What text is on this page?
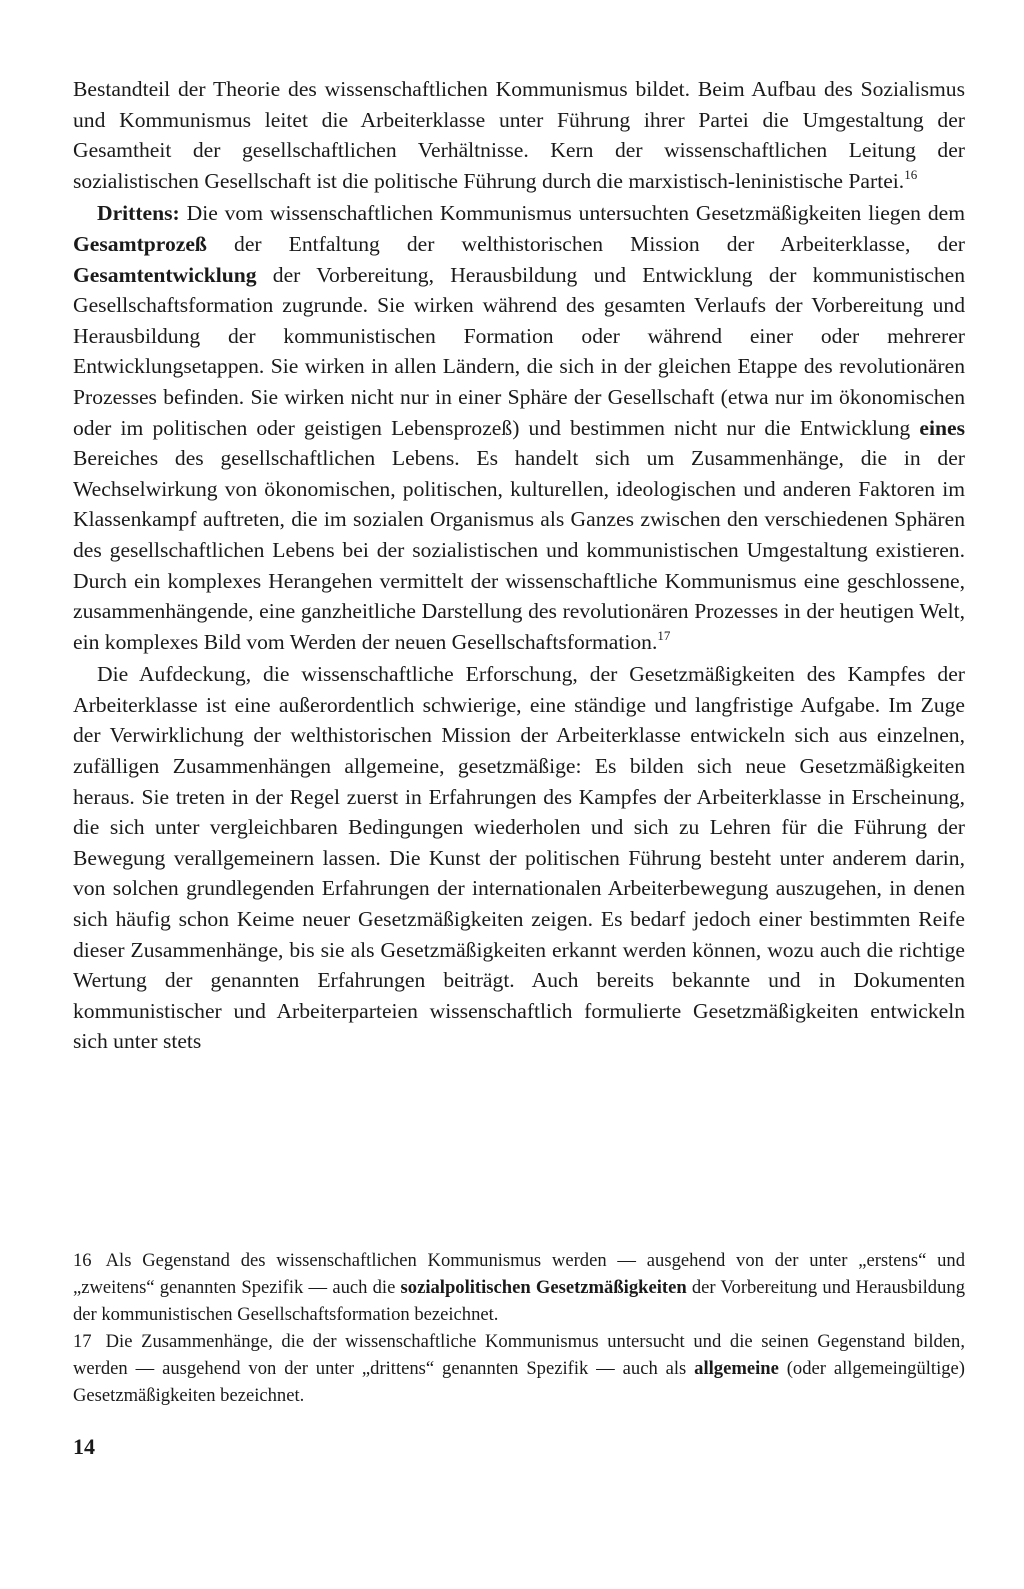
Bestandteil der Theorie des wissenschaftlichen Kommunismus bildet. Beim Aufbau des Sozialismus und Kommunismus leitet die Arbeiterklasse unter Führung ihrer Partei die Umgestaltung der Gesamtheit der gesellschaftlichen Verhältnisse. Kern der wissenschaftlichen Leitung der sozialistischen Gesellschaft ist die politische Führung durch die marxistisch-leninistische Partei.$^{16}$

Drittens: Die vom wissenschaftlichen Kommunismus untersuchten Gesetzmäßigkeiten liegen dem Gesamtprozeß der Entfaltung der welthistorischen Mission der Arbeiterklasse, der Gesamtentwicklung der Vorbereitung, Herausbildung und Entwicklung der kommunistischen Gesellschaftsformation zugrunde. Sie wirken während des gesamten Verlaufs der Vorbereitung und Herausbildung der kommunistischen Formation oder während einer oder mehrerer Entwicklungsetappen. Sie wirken in allen Ländern, die sich in der gleichen Etappe des revolutionären Prozesses befinden. Sie wirken nicht nur in einer Sphäre der Gesellschaft (etwa nur im ökonomischen oder im politischen oder geistigen Lebensprozeß) und bestimmen nicht nur die Entwicklung eines Bereiches des gesellschaftlichen Lebens. Es handelt sich um Zusammenhänge, die in der Wechselwirkung von ökonomischen, politischen, kulturellen, ideologischen und anderen Faktoren im Klassenkampf auftreten, die im sozialen Organismus als Ganzes zwischen den verschiedenen Sphären des gesellschaftlichen Lebens bei der sozialistischen und kommunistischen Umgestaltung existieren. Durch ein komplexes Herangehen vermittelt der wissenschaftliche Kommunismus eine geschlossene, zusammenhängende, eine ganzheitliche Darstellung des revolutionären Prozesses in der heutigen Welt, ein komplexes Bild vom Werden der neuen Gesellschaftsformation.$^{17}$

Die Aufdeckung, die wissenschaftliche Erforschung, der Gesetzmäßigkeiten des Kampfes der Arbeiterklasse ist eine außerordentlich schwierige, eine ständige und langfristige Aufgabe. Im Zuge der Verwirklichung der welthistorischen Mission der Arbeiterklasse entwickeln sich aus einzelnen, zufälligen Zusammenhängen allgemeine, gesetzmäßige: Es bilden sich neue Gesetzmäßigkeiten heraus. Sie treten in der Regel zuerst in Erfahrungen des Kampfes der Arbeiterklasse in Erscheinung, die sich unter vergleichbaren Bedingungen wiederholen und sich zu Lehren für die Führung der Bewegung verallgemeinern lassen. Die Kunst der politischen Führung besteht unter anderem darin, von solchen grundlegenden Erfahrungen der internationalen Arbeiterbewegung auszugehen, in denen sich häufig schon Keime neuer Gesetzmäßigkeiten zeigen. Es bedarf jedoch einer bestimmten Reife dieser Zusammenhänge, bis sie als Gesetzmäßigkeiten erkannt werden können, wozu auch die richtige Wertung der genannten Erfahrungen beiträgt. Auch bereits bekannte und in Dokumenten kommunistischer und Arbeiterparteien wissenschaftlich formulierte Gesetzmäßigkeiten entwickeln sich unter stets

16 Als Gegenstand des wissenschaftlichen Kommunismus werden — ausgehend von der unter „erstens“ und „zweitens“ genannten Spezifik — auch die sozialpolitischen Gesetzmäßigkeiten der Vorbereitung und Herausbildung der kommunistischen Gesellschaftsformation bezeichnet.

17 Die Zusammenhänge, die der wissenschaftliche Kommunismus untersucht und die seinen Gegenstand bilden, werden — ausgehend von der unter „drittens“ genannten Spezifik — auch als allgemeine (oder allgemeingültige) Gesetzmäßigkeiten bezeichnet.

14
